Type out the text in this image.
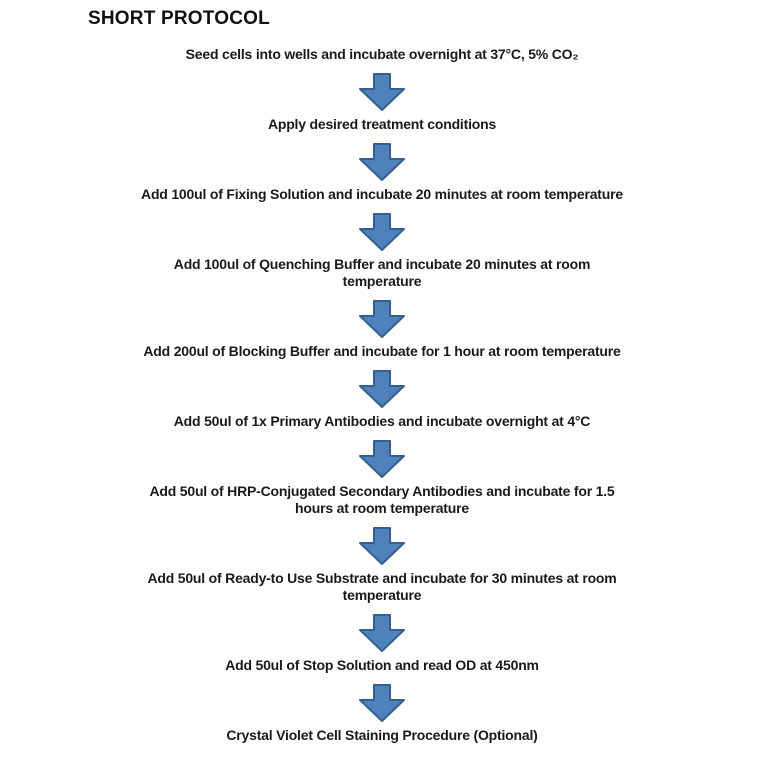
SHORT PROTOCOL
Seed cells into wells and incubate overnight at 37°C, 5% CO₂
Apply desired treatment conditions
Add 100ul of Fixing Solution and incubate 20 minutes at room temperature
Add 100ul of Quenching Buffer and incubate 20 minutes at room temperature
Add 200ul of Blocking Buffer and incubate for 1 hour at room temperature
Add 50ul of 1x Primary Antibodies and incubate overnight at 4°C
Add 50ul of HRP-Conjugated Secondary Antibodies and incubate for 1.5 hours at room temperature
Add 50ul of Ready-to Use Substrate and incubate for 30 minutes at room temperature
Add 50ul of Stop Solution and read OD at 450nm
Crystal Violet Cell Staining Procedure (Optional)
